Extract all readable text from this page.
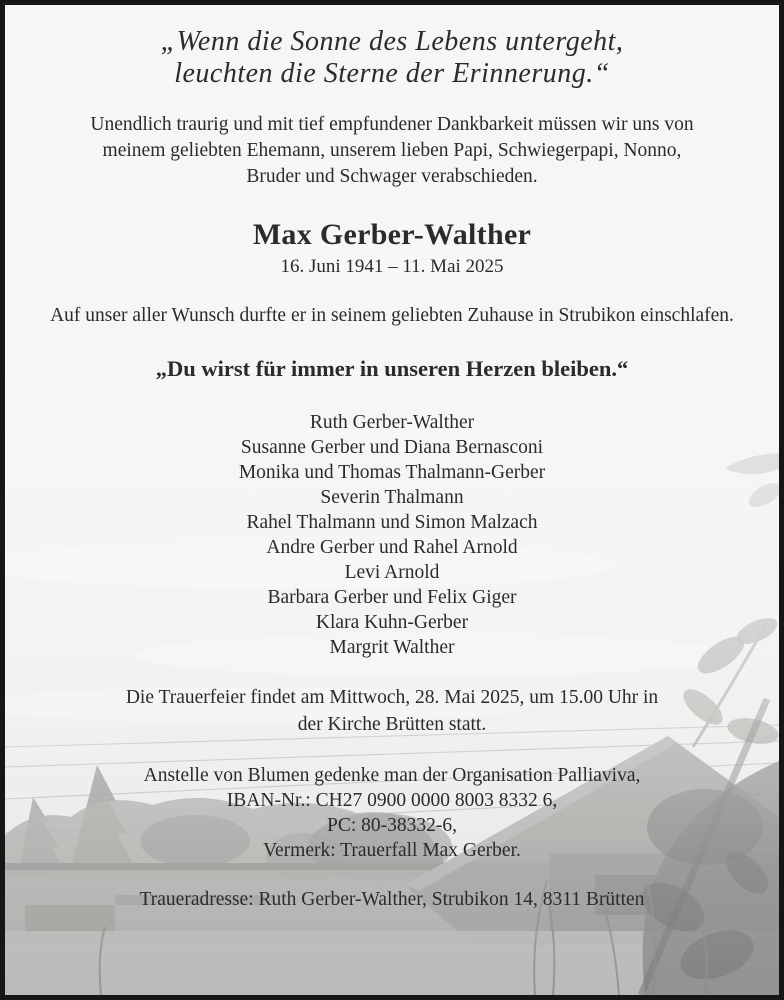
„Wenn die Sonne des Lebens untergeht,
leuchten die Sterne der Erinnerung.“
Unendlich traurig und mit tief empfundener Dankbarkeit müssen wir uns von
meinem geliebten Ehemann, unserem lieben Papi, Schwiegerpapi, Nonno,
Bruder und Schwager verabschieden.
Max Gerber-Walther
16. Juni 1941 – 11. Mai 2025
Auf unser aller Wunsch durfte er in seinem geliebten Zuhause in Strubikon einschlafen.
„Du wirst für immer in unseren Herzen bleiben.“
Ruth Gerber-Walther
Susanne Gerber und Diana Bernasconi
Monika und Thomas Thalmann-Gerber
Severin Thalmann
Rahel Thalmann und Simon Malzach
Andre Gerber und Rahel Arnold
Levi Arnold
Barbara Gerber und Felix Giger
Klara Kuhn-Gerber
Margrit Walther
Die Trauerfeier findet am Mittwoch, 28. Mai 2025, um 15.00 Uhr in
der Kirche Brütten statt.
Anstelle von Blumen gedenke man der Organisation Palliaviva,
IBAN-Nr.: CH27 0900 0000 8003 8332 6,
PC: 80-38332-6,
Vermerk: Trauerfall Max Gerber.
Traueradresse: Ruth Gerber-Walther, Strubikon 14, 8311 Brütten
